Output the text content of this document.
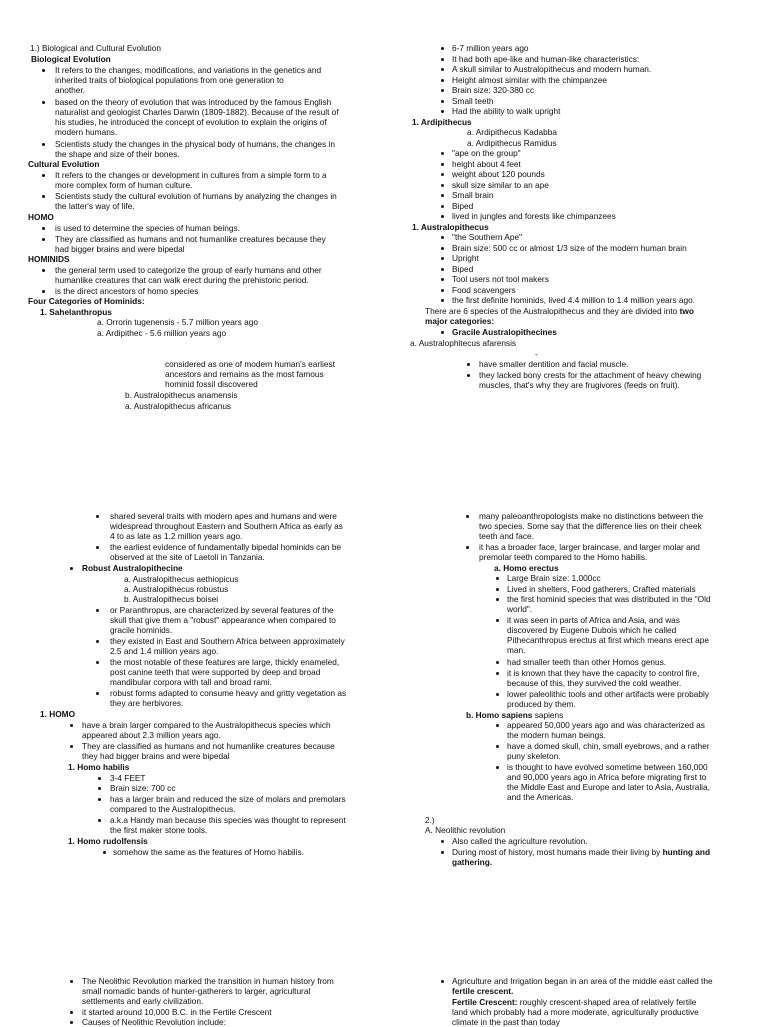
1.) Biological and Cultural Evolution
Biological Evolution
It refers to the changes, modifications, and variations in the genetics and
inherited traits of biological populations from one generation to
another.
based on the theory of evolution that was introduced by the famous English
naturalist and geologist Charles Darwin (1809-1882). Because of the result of
his studies, he introduced the concept of evolution to explain the origins of
modern humans.
Scientists study the changes in the physical body of humans, the changes in
the shape and size of their bones.
Cultural Evolution
It refers to the changes or development in cultures from a simple form to a
more complex form of human culture.
Scientists study the cultural evolution of humans by analyzing the changes in
the latter's way of life.
HOMO
is used to determine the species of human beings.
They are classified as humans and not humanlike creatures because they
had bigger brains and were bipedal
HOMINIDS
the general term used to categorize the group of early humans and other
humanlike creatures that can walk erect during the prehistoric period.
is the direct ancestors of homo species
Four Categories of Hominids:
1. Sahelanthropus
a. Orrorin tugenensis - 5.7 million years ago
a. Ardipithec - 5.6 million years ago
considered as one of modern human's earliest
ancestors and remains as the most famous
hominid fossil discovered
b. Australopithecus anamensis
a. Australopithecus africanus
6-7 million years ago
It had both ape-like and human-like characteristics:
A skull similar to Australopithecus and modern human.
Height almost similar with the chimpanzee
Brain size: 320-380 cc
Small teeth
Had the ability to walk upright
1. Ardipithecus
a. Ardipithecus Kadabba
a. Ardipithecus Ramidus
"ape on the group"
height about 4 feet
weight about 120 pounds
skull size similar to an ape
Small brain
Biped
lived in jungles and forests like chimpanzees
1. Australopithecus
"the Southern Ape"
Brain size: 500 cc or almost 1/3 size of the modern human brain
Upright
Biped
Tool users not tool makers
Food scavengers
the first definite hominids, lived 4.4 million to 1.4 million years ago.
There are 6 species of the Australopithecus and they are divided into two
major categories:
Gracile Australopithecines
a. Australophitecus afarensis
-
have smaller dentition and facial muscle.
they lacked bony crests for the attachment of heavy chewing
muscles, that's why they are frugivores (feeds on fruit).
shared several traits with modern apes and humans and were
widespread throughout Eastern and Southern Africa as early as
4 to as late as 1.2 million years ago.
the earliest evidence of fundamentally bipedal hominids can be
observed at the site of Laetoli in Tanzania.
Robust Australopithecine
a. Australopithecus aethiopicus
a. Australopithecus robustus
b. Australopithecus boisei
or Paranthropus, are characterized by several features of the
skull that give them a "robust" appearance when compared to
gracile hominids.
they existed in East and Southern Africa between approximately
2.5 and 1.4 million years ago.
the most notable of these features are large, thickly enameled,
post canine teeth that were supported by deep and broad
mandibular corpora with tall and broad rami.
robust forms adapted to consume heavy and gritty vegetation as
they are herbivores.
1. HOMO
have a brain larger compared to the Australopithecus species which
appeared about 2.3 million years ago.
They are classified as humans and not humanlike creatures because
they had bigger brains and were bipedal
1. Homo habilis
3-4 FEET
Brain size: 700 cc
has a larger brain and reduced the size of molars and premolars
compared to the Australopithecus.
a.k.a Handy man because this species was thought to represent
the first maker stone tools.
1. Homo rudolfensis
somehow the same as the features of Homo habilis.
many paleoanthropologists make no distinctions between the
two species. Some say that the difference lies on their cheek
teeth and face.
it has a broader face, larger braincase, and larger molar and
premolar teeth compared to the Homo habilis.
a. Homo erectus
Large Brain size: 1,000cc
Lived in shelters, Food gatherers, Crafted materials
the first hominid species that was distributed in the "Old
world".
it was seen in parts of Africa and Asia, and was
discovered by Eugene Dubois which he called
Pithecanthropus erectus at first which means erect ape
man.
had smaller teeth than other Homos genus.
it is known that they have the capacity to control fire,
because of this, they survived the cold weather.
lower paleolithic tools and other artifacts were probably
produced by them.
b. Homo sapiens sapiens
appeared 50,000 years ago and was characterized as
the modern human beings.
have a domed skull, chin, small eyebrows, and a rather
puny skeleton.
is thought to have evolved sometime between 160,000
and 90,000 years ago in Africa before migrating first to
the Middle East and Europe and later to Asia, Australia,
and the Americas.
2.)
A. Neolithic revolution
Also called the agriculture revolution.
During most of history, most humans made their living by hunting and
gathering.
The Neolithic Revolution marked the transition in human history from
small nomadic bands of hunter-gatherers to larger, agricultural
settlements and early civilization.
it started around 10,000 B.C. in the Fertile Crescent
Causes of Neolithic Revolution include:
Agriculture and Irrigation began in an area of the middle east called the
fertile crescent.
Fertile Crescent: roughly crescent-shaped area of relatively fertile
land which probably had a more moderate, agriculturally productive
climate in the past than today
